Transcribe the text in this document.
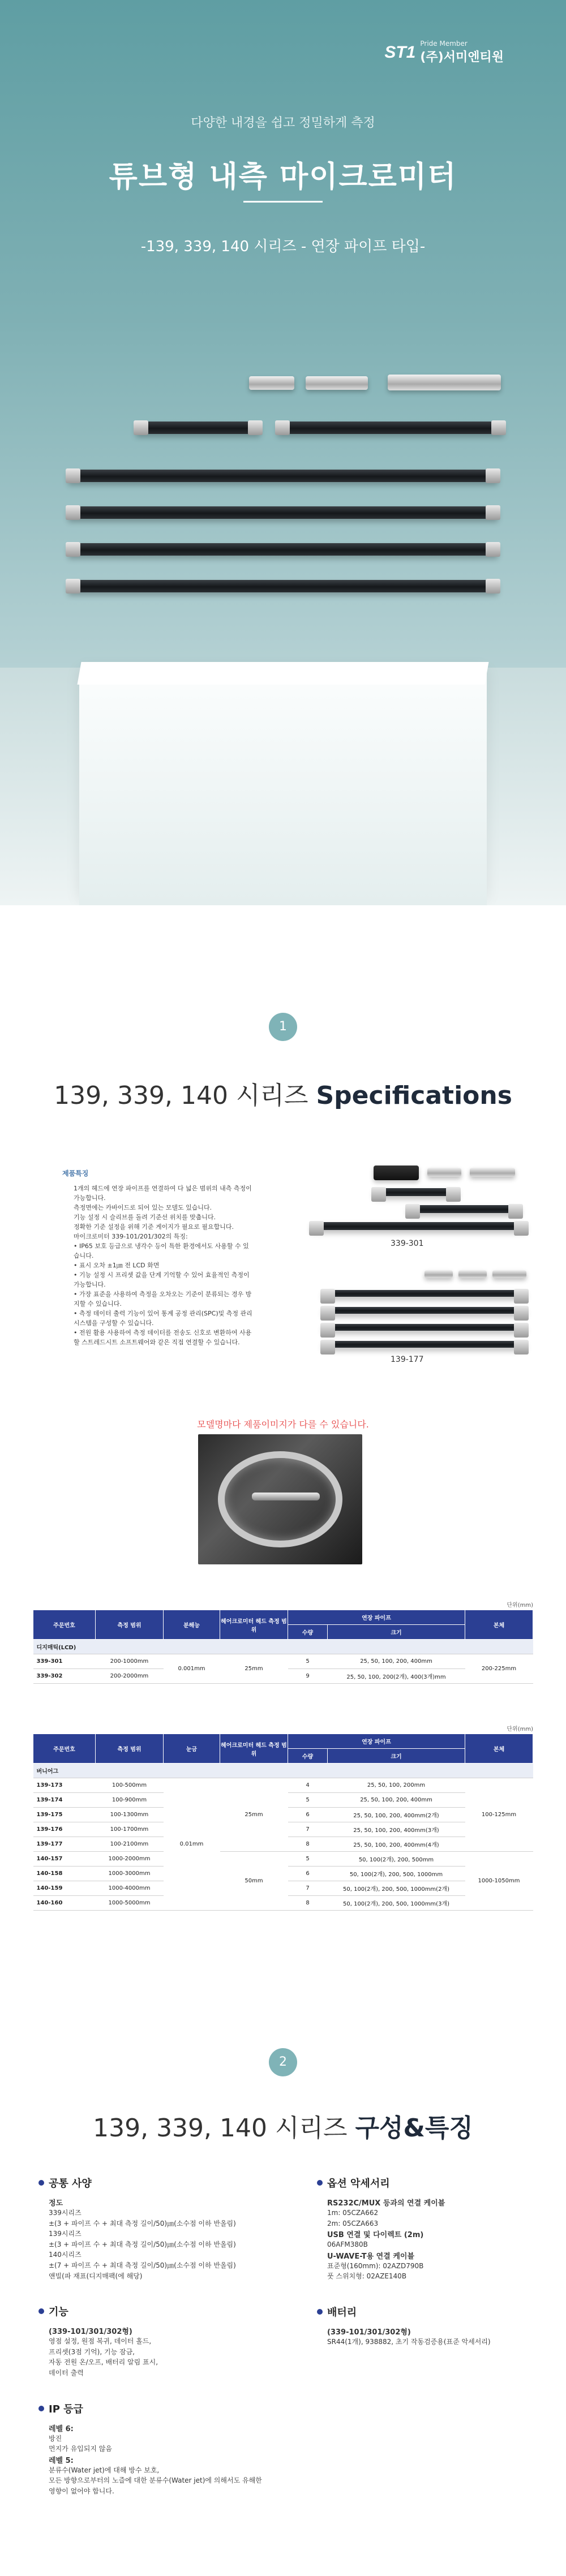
ST1 Pride Member
(주)서미엔티원
다양한 내경을 쉽고 정밀하게 측정
튜브형 내측 마이크로미터
-139, 339, 140 시리즈 - 연장 파이프 타입-
1
139, 339, 140 시리즈 Specifications
제품특징

1개의 헤드에 연장 파이프를 연결하여 다 넓은 범위의 내측 측정이 가능합니다.

측정면에는 카바이드로 되어 있는 모델도 있습니다.

기능 설정 시 슬리브를 돌려 기준선 위치를 맞춥니다.

정확한 기준 설정을 위해 기준 게이지가 필요로 필요합니다.

마이크로미터 339-101/201/302의 특징:

• IP65 보호 등급으로 냉각수 등이 특한 환경에서도 사용할 수 있습니다.

• 표시 오차 ±1㎛ 전 LCD 화면

• 기능 설정 시 프리셋 값을 단계 기억할 수 있어 효율적인 측정이 가능합니다.

• 가장 표준을 사용하여 측정을 오차오는 기준이 분류되는 경우 방지할 수 있습니다.

• 측정 데이터 출력 기능이 있어 통계 공정 관리(SPC)및 측정 관리 시스템을 구성할 수 있습니다.

• 전원 활용 사용하여 측정 데이터를 전송도 신호로 변환하여 사용할 스트레드시트 소프트웨어와 같은 직접 연결할 수 있습니다.

339-301
139-177
모델명마다 제품이미지가 다를 수 있습니다.
단위(mm)
주문번호	측정 범위	분해능	헤어크로미터 헤드 측정 범위	연장 파이프		본체
				수량	크기	
디지매틱(LCD)						
339-301	200-1000mm	0.001mm	25mm	5	25, 50, 100, 200, 400mm	200-225mm
339-302	200-2000mm			9	25, 50, 100, 200(2개), 400(3개)mm	
단위(mm)
주문번호	측정 범위	눈금	헤어크로미터 헤드 측정 범위	연장 파이프		본체
				수량	크기	
버니어그						
139-173	100-500mm	0.01mm	25mm	4	25, 50, 100, 200mm	100-125mm
139-174	100-900mm			5	25, 50, 100, 200, 400mm	
139-175	100-1300mm			6	25, 50, 100, 200, 400mm(2개)	
139-176	100-1700mm			7	25, 50, 100, 200, 400mm(3개)	
139-177	100-2100mm			8	25, 50, 100, 200, 400mm(4개)	
140-157	1000-2000mm		50mm	5	50, 100(2개), 200, 500mm	1000-1050mm
140-158	1000-3000mm			6	50, 100(2개), 200, 500, 1000mm	
140-159	1000-4000mm			7	50, 100(2개), 200, 500, 1000mm(2개)	
140-160	1000-5000mm			8	50, 100(2개), 200, 500, 1000mm(3개)	
2
139, 339, 140 시리즈 구성&특징
공통 사양
정도
339시리즈
±(3 + 파이프 수 + 최대 측정 길이/50)㎛(소수점 이하 반올림)
139시리즈
±(3 + 파이프 수 + 최대 측정 길이/50)㎛(소수점 이하 반올림)
140시리즈
±(7 + 파이프 수 + 최대 측정 길이/50)㎛(소수점 이하 반올림)
앤빌(파 재표(디지매팩(에 해당)
기능
(339-101/301/302형)
영점 설정, 원점 복귀, 데이터 홀드,
프리셋(3점 기억), 기능 잠금,
자동 전원 온/오프, 배터리 알림 표시,
데이터 출력
IP 등급
레벨 6:
방진
먼지가 유입되지 않음
레벨 5:
분류수(Water jet)에 대해 방수 보호,
모든 방향으로부터의 노즐에 대한 분류수(Water jet)에 의해서도 유해한
영향이 없어야 합니다.
옵션 악세서리
RS232C/MUX 등과의 연결 케이블
1m: 05CZA662
2m: 05CZA663
USB 연결 및 다이렉트 (2m)
06AFM380B
U-WAVE-T용 연결 케이블
표준형(160mm): 02AZD790B
풋 스위치형: 02AZE140B
배터리
(339-101/301/302형)
SR44(1개), 938882, 초기 작동검증용(표준 악세서리)
